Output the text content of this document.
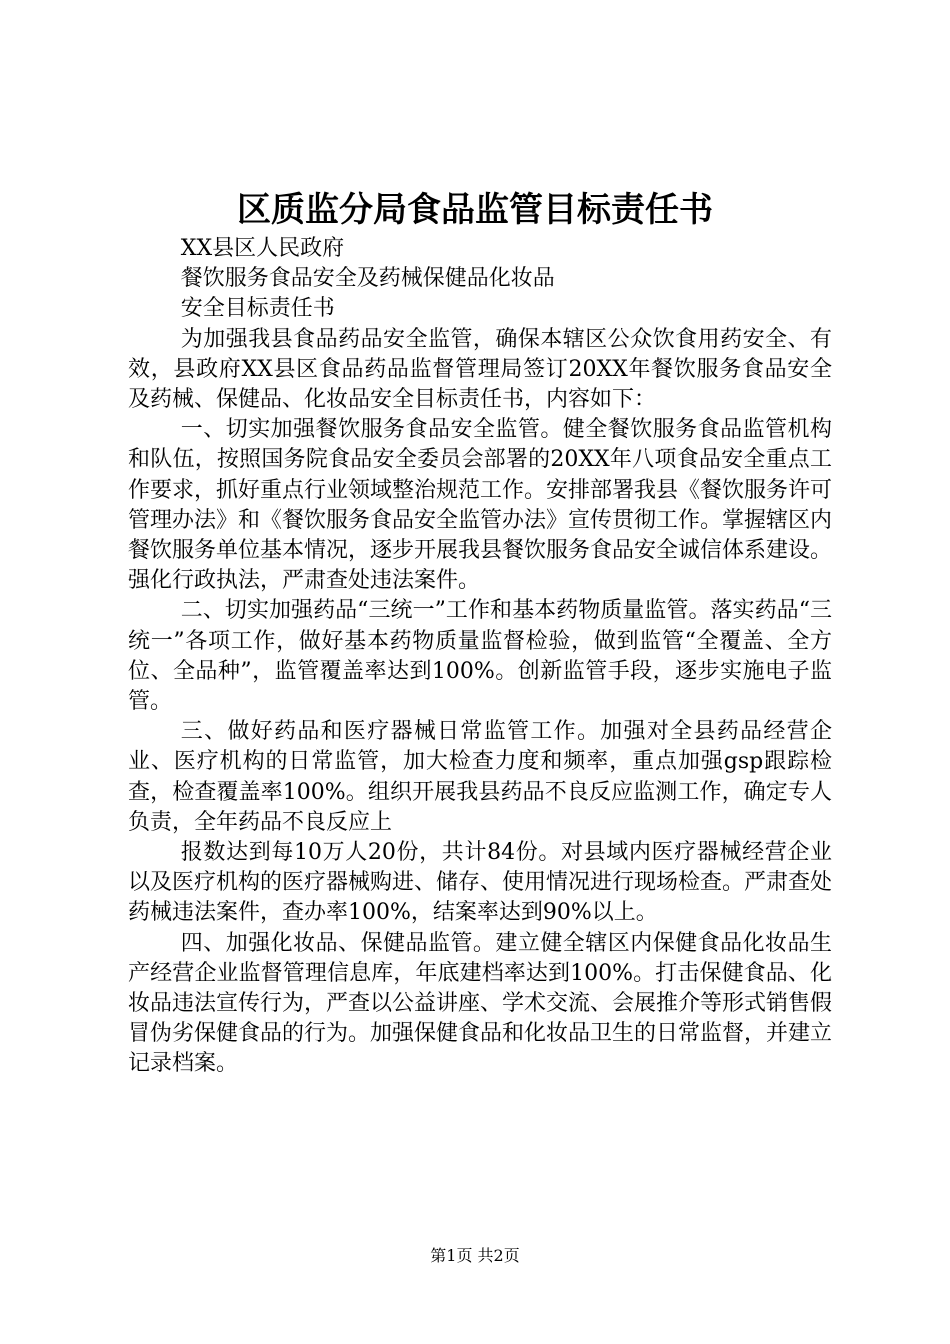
区质监分局食品监管目标责任书

XX县区人民政府

餐饮服务食品安全及药械保健品化妆品

安全目标责任书

为加强我县食品药品安全监管，确保本辖区公众饮食用药安全、有效，县政府XX县区食品药品监督管理局签订20XX年餐饮服务食品安全及药械、保健品、化妆品安全目标责任书，内容如下：

一、切实加强餐饮服务食品安全监管。健全餐饮服务食品监管机构和队伍，按照国务院食品安全委员会部署的20XX年八项食品安全重点工作要求，抓好重点行业领域整治规范工作。安排部署我县《餐饮服务许可管理办法》和《餐饮服务食品安全监管办法》宣传贯彻工作。掌握辖区内餐饮服务单位基本情况，逐步开展我县餐饮服务食品安全诚信体系建设。强化行政执法，严肃查处违法案件。

二、切实加强药品“三统一”工作和基本药物质量监管。落实药品“三统一”各项工作，做好基本药物质量监督检验，做到监管“全覆盖、全方位、全品种”，监管覆盖率达到100%。创新监管手段，逐步实施电子监管。

三、做好药品和医疗器械日常监管工作。加强对全县药品经营企业、医疗机构的日常监管，加大检查力度和频率，重点加强gsp跟踪检查，检查覆盖率100%。组织开展我县药品不良反应监测工作，确定专人负责，全年药品不良反应上

报数达到每10万人20份，共计84份。对县域内医疗器械经营企业以及医疗机构的医疗器械购进、储存、使用情况进行现场检查。严肃查处药械违法案件，查办率100%，结案率达到90%以上。

四、加强化妆品、保健品监管。建立健全辖区内保健食品化妆品生产经营企业监督管理信息库，年底建档率达到100%。打击保健食品、化妆品违法宣传行为，严查以公益讲座、学术交流、会展推介等形式销售假冒伪劣保健食品的行为。加强保健食品和化妆品卫生的日常监督，并建立记录档案。

第1页 共2页
